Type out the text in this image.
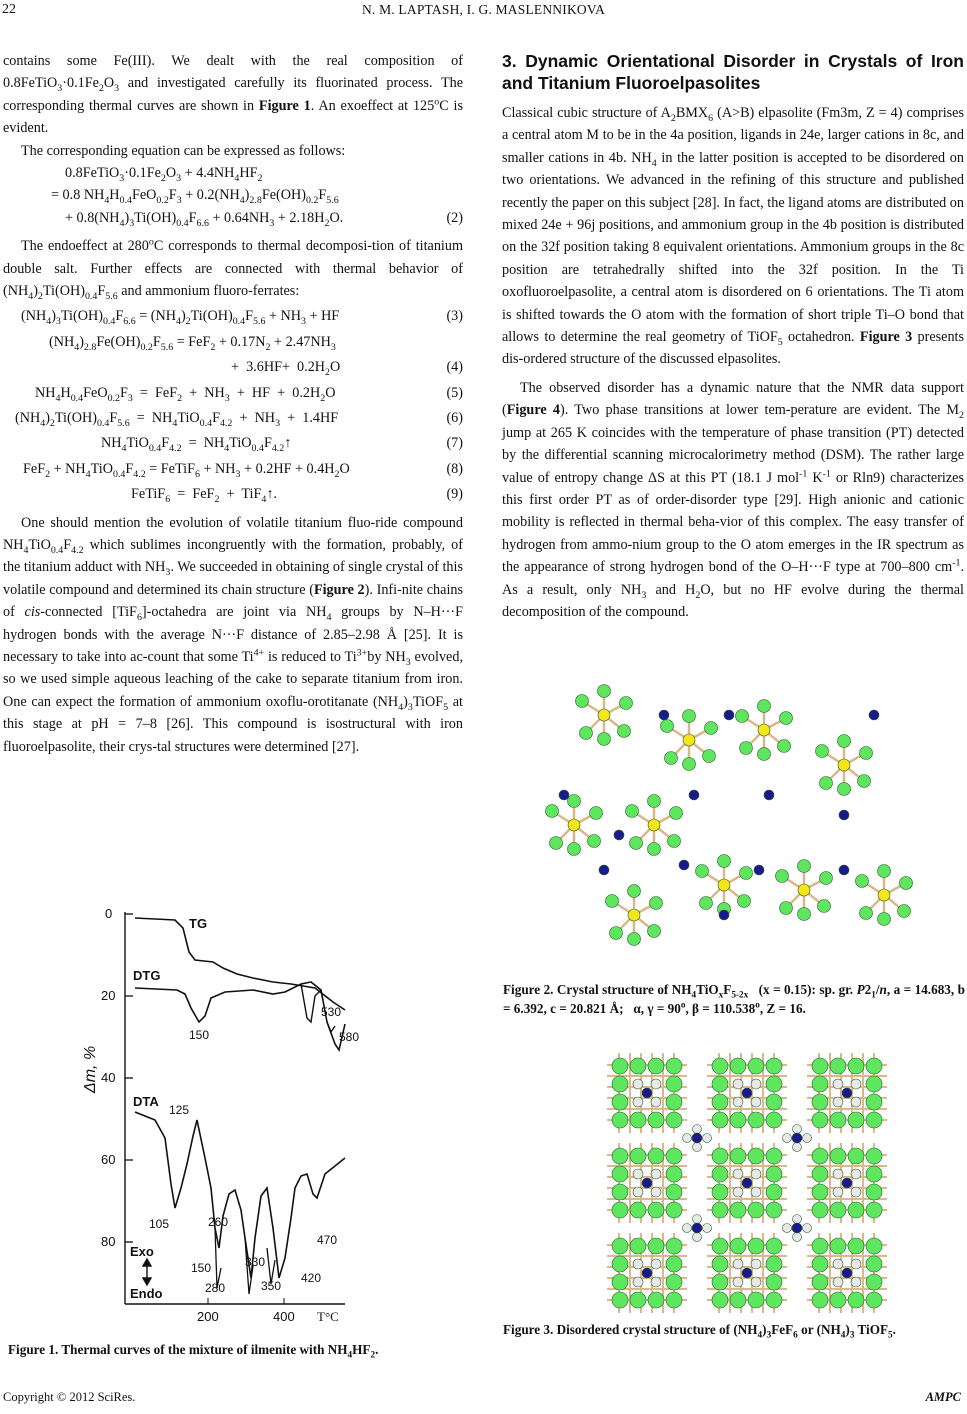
22	N. M. LAPTASH, I. G. MASLENNIKOVA

contains some Fe(III). We dealt with the real composition of $0.8FeTiO_3\cdot 0.1Fe_2O_3$ and investigated carefully its fluorinated process. The corresponding thermal curves are shown in Figure 1. An exoeffect at 125$^o$C is evident.

The corresponding equation can be expressed as follows:

$0.8FeTiO_3\cdot 0.1Fe_2O_3 + 4.4NH_4HF_2$
= 0.8 $NH_4H_{0.4}FeO_{0.2}F_3 + 0.2(NH_4)_{2.8}Fe(OH)_{0.2}F_{5.6}$
+ $0.8(NH_4)_3Ti(OH)_{0.4}F_{6.6} + 0.64NH_3 + 2.18H_2O$.	(2)

The endoeffect at 280$^o$C corresponds to thermal decomposi-tion of titanium double salt. Further effects are connected with thermal behavior of $(NH_4)_2Ti(OH)_{0.4}F_{5.6}$ and ammonium fluoro-ferrates:

$(NH_4)_3Ti(OH)_{0.4}F_{6.6} = (NH_4)_2Ti(OH)_{0.4}F_{5.6} + NH_3$ + HF	(3)
$(NH_4)_{2.8}Fe(OH)_{0.2}F_{5.6} = FeF_2 + 0.17N_2 + 2.47NH_3$
+  $3.6HF+ 0.2H_2O$	(4)
$NH_4H_{0.4}FeO_{0.2}F_3 = FeF_2 + NH_3$  +  HF  +  $0.2H_2O$	(5)
$(NH_4)_2Ti(OH)_{0.4}F_{5.6} = NH_4TiO_{0.4}F_{4.2} + NH_3 + 1.4HF$	(6)
$NH_4TiO_{0.4}F_{4.2}$  =  $NH_4TiO_{0.4}F_{4.2}↑$	(7)
$FeF_2 + NH_4TiO_{0.4}F_{4.2}$ = FeTiF$_6$ + $NH_3 + 0.2HF + 0.4H_2O$	(8)
FeTiF$_6$  =  FeF$_2$  +  TiF$_4$↑.	(9)

One should mention the evolution of volatile titanium fluo-ride compound $NH_4TiO_{0.4}F_{4.2}$ which sublimes incongruently with the formation, probably, of the titanium adduct with $NH_3$. We succeeded in obtaining of single crystal of this volatile compound and determined its chain structure (Figure 2). Infi-nite chains of cis-connected [TiF$_6$]-octahedra are joint via $NH_4$ groups by N–H···F hydrogen bonds with the average N···F distance of 2.85–2.98 Å [25]. It is necessary to take into ac-count that some $Ti^{4+}$ is reduced to $Ti^{3+}by$ $NH_3$ evolved, so we used simple aqueous leaching of the cake to separate titanium from iron. One can expect the formation of ammonium oxoflu-orotitanate $(NH_4)_3TiOF_5$ at this stage at pH = 7–8 [26]. This compound is isostructural with iron fluoroelpasolite, their crys-tal structures were determined [27].

0
20
40
60
80
Δm, %
200	400 T°C
TG
DTG
150
530
580
DTA
125
105	260
470
150	330
280	350
420
Exo
Endo
Figure 1. Thermal curves of the mixture of ilmenite with $NH_4HF_2$.
3. Dynamic Orientational Disorder in Crystals of Iron and Titanium Fluoroelpasolites

Classical cubic structure of $A_2BMX_6$ (A>B) elpasolite (Fm3m, Z = 4) comprises a central atom M to be in the 4a position, ligands in 24e, larger cations in 8c, and smaller cations in 4b. $NH_4$ in the latter position is accepted to be disordered on two orientations. We advanced in the refining of this structure and published recently the paper on this subject [28]. In fact, the ligand atoms are distributed on mixed 24e + 96j positions, and ammonium group in the 4b position is distributed on the 32f position taking 8 equivalent orientations. Ammonium groups in the 8c position are tetrahedrally shifted into the 32f position. In the Ti oxofluoroelpasolite, a central atom is disordered on 6 orientations. The Ti atom is shifted towards the O atom with the formation of short triple Ti–O bond that allows to determine the real geometry of TiOF$_5$ octahedron. Figure 3 presents dis-ordered structure of the discussed elpasolites.

The observed disorder has a dynamic nature that the NMR data support (Figure 4). Two phase transitions at lower tem-perature are evident. The $M_2$ jump at 265 K coincides with the temperature of phase transition (PT) detected by the differential scanning microcalorimetry method (DSM). The rather large value of entropy change ΔS at this PT (18.1 J mol$^{-1}$ $K^{-1}$ or Rln9) characterizes this first order PT as of order-disorder type [29]. High anionic and cationic mobility is reflected in thermal beha-vior of this complex. The easy transfer of hydrogen from ammo-nium group to the O atom emerges in the IR spectrum as the appearance of strong hydrogen bond of the O–H···F type at 700–800 $cm^{-1}$. As a result, only $NH_3$ and $H_2O$, but no HF evolve during the thermal decomposition of the compound.

Figure 2. Crystal structure of $NH_4TiO_xF_{5-2x}$   (x = 0.15): sp. gr. $P2_1/n$, a = 14.683, b = 6.392, c = 20.821 Å;   α, $\gamma = 90^o$, $\beta = 110.538^o$, Z = 16.
Figure 3. Disordered crystal structure of $(NH_4)_3FeF_6$ or $(NH_4)_3$ TiOF$_5$.
Copyright © 2012 SciRes.	AMPC
